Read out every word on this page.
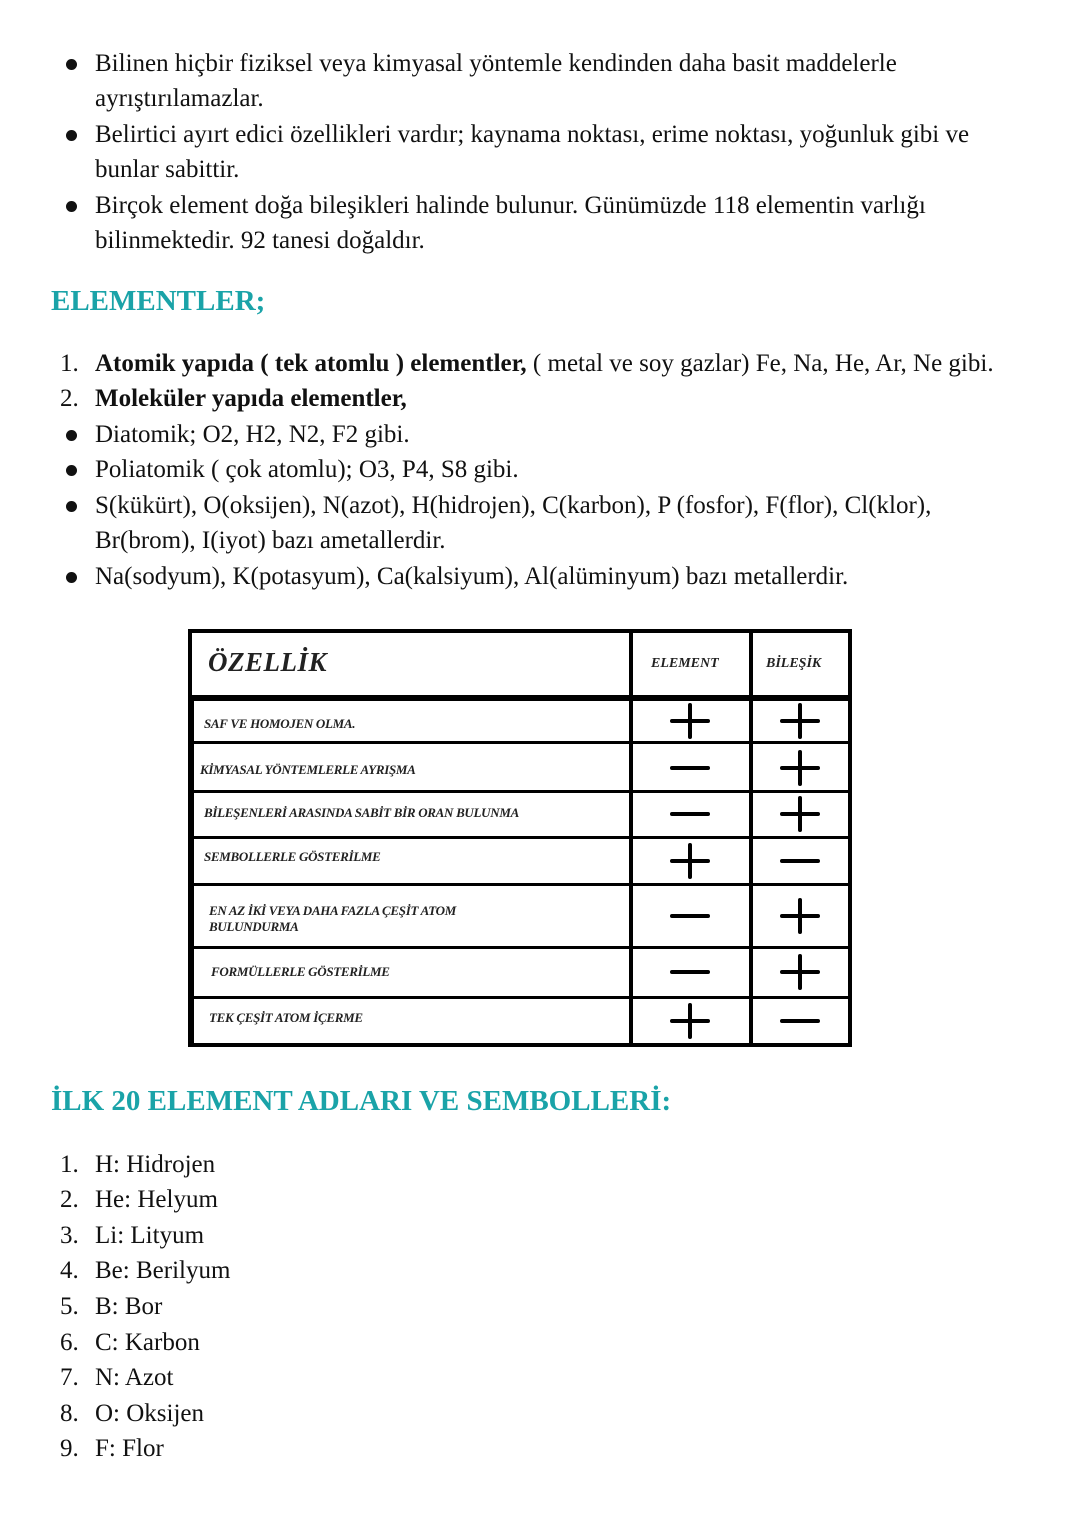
Bilinen hiçbir fiziksel veya kimyasal yöntemle kendinden daha basit maddelerle
ayrıştırılamazlar.
Belirtici ayırt edici özellikleri vardır; kaynama noktası, erime noktası, yoğunluk gibi ve
bunlar sabittir.
Birçok element doğa bileşikleri halinde bulunur. Günümüzde 118 elementin varlığı
bilinmektedir. 92 tanesi doğaldır.
ELEMENTLER;
1. Atomik yapıda ( tek atomlu ) elementler, ( metal ve soy gazlar) Fe, Na, He, Ar, Ne gibi.
2. Moleküler yapıda elementler,
Diatomik; O2, H2, N2, F2 gibi.
Poliatomik ( çok atomlu); O3, P4, S8 gibi.
S(kükürt), O(oksijen), N(azot), H(hidrojen), C(karbon), P (fosfor), F(flor), Cl(klor),
Br(brom), I(iyot) bazı ametallerdir.
Na(sodyum), K(potasyum), Ca(kalsiyum), Al(alüminyum) bazı metallerdir.
ÖZELLİK	ELEMENT	BİLEŞİK
SAF VE HOMOJEN OLMA.
KİMYASAL YÖNTEMLERLE AYRIŞMA
BİLEŞENLERİ ARASINDA SABİT BİR ORAN BULUNMA
SEMBOLLERLE GÖSTERİLME
EN AZ İKİ VEYA DAHA FAZLA ÇEŞİT ATOM
BULUNDURMA
FORMÜLLERLE GÖSTERİLME
TEK ÇEŞİT ATOM İÇERME
İLK 20 ELEMENT ADLARI VE SEMBOLLERİ:
1. H: Hidrojen
2. He: Helyum
3. Li: Lityum
4. Be: Berilyum
5. B: Bor
6. C: Karbon
7. N: Azot
8. O: Oksijen
9. F: Flor
